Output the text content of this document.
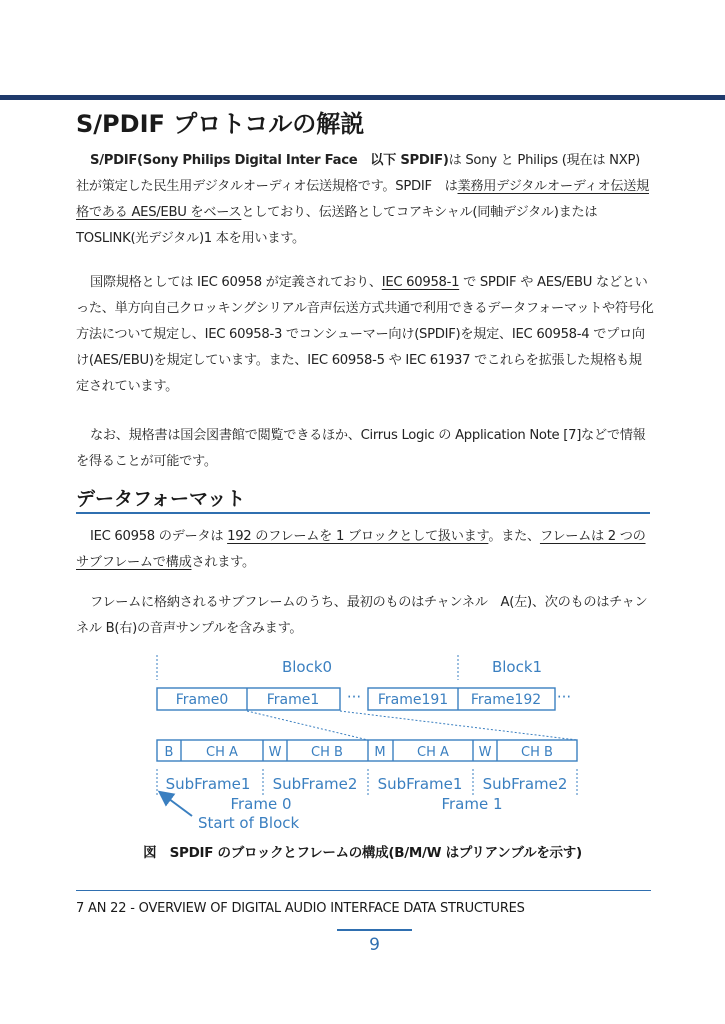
S/PDIF プロトコルの解説

S/PDIF(Sony Philips Digital Inter Face　以下 SPDIF)は Sony と Philips (現在は NXP) 社が策定した民生用デジタルオーディオ伝送規格です。SPDIF　は業務用デジタルオーディオ伝送規格である AES/EBU をベースとしており、伝送路としてコアキシャル(同軸デジタル)または TOSLINK(光デジタル)1 本を用います。

国際規格としては IEC 60958 が定義されており、IEC 60958-1 で SPDIF や AES/EBU などといった、単方向自己クロッキングシリアル音声伝送方式共通で利用できるデータフォーマットや符号化方法について規定し、IEC 60958-3 でコンシューマー向け(SPDIF)を規定、IEC 60958-4 でプロ向け(AES/EBU)を規定しています。また、IEC 60958-5 や IEC 61937 でこれらを拡張した規格も規定されています。

なお、規格書は国会図書館で閲覧できるほか、Cirrus Logic の Application Note [7]などで情報を得ることが可能です。

データフォーマット

IEC 60958 のデータは 192 のフレームを 1 ブロックとして扱います。また、フレームは 2 つのサブフレームで構成されます。

フレームに格納されるサブフレームのうち、最初のものはチャンネル　A(左)、次のものはチャンネル B(右)の音声サンプルを含みます。

Block0	Block1
Frame0	Frame1	Frame191 Frame192
···	···
B	CH A W CH B M CH A W CH B
SubFrame1 SubFrame2 SubFrame1 SubFrame2
Frame 0	Frame 1
Start of Block
図　SPDIF のブロックとフレームの構成(B/M/W はプリアンブルを示す)
7 AN 22 - OVERVIEW OF DIGITAL AUDIO INTERFACE DATA STRUCTURES
9
